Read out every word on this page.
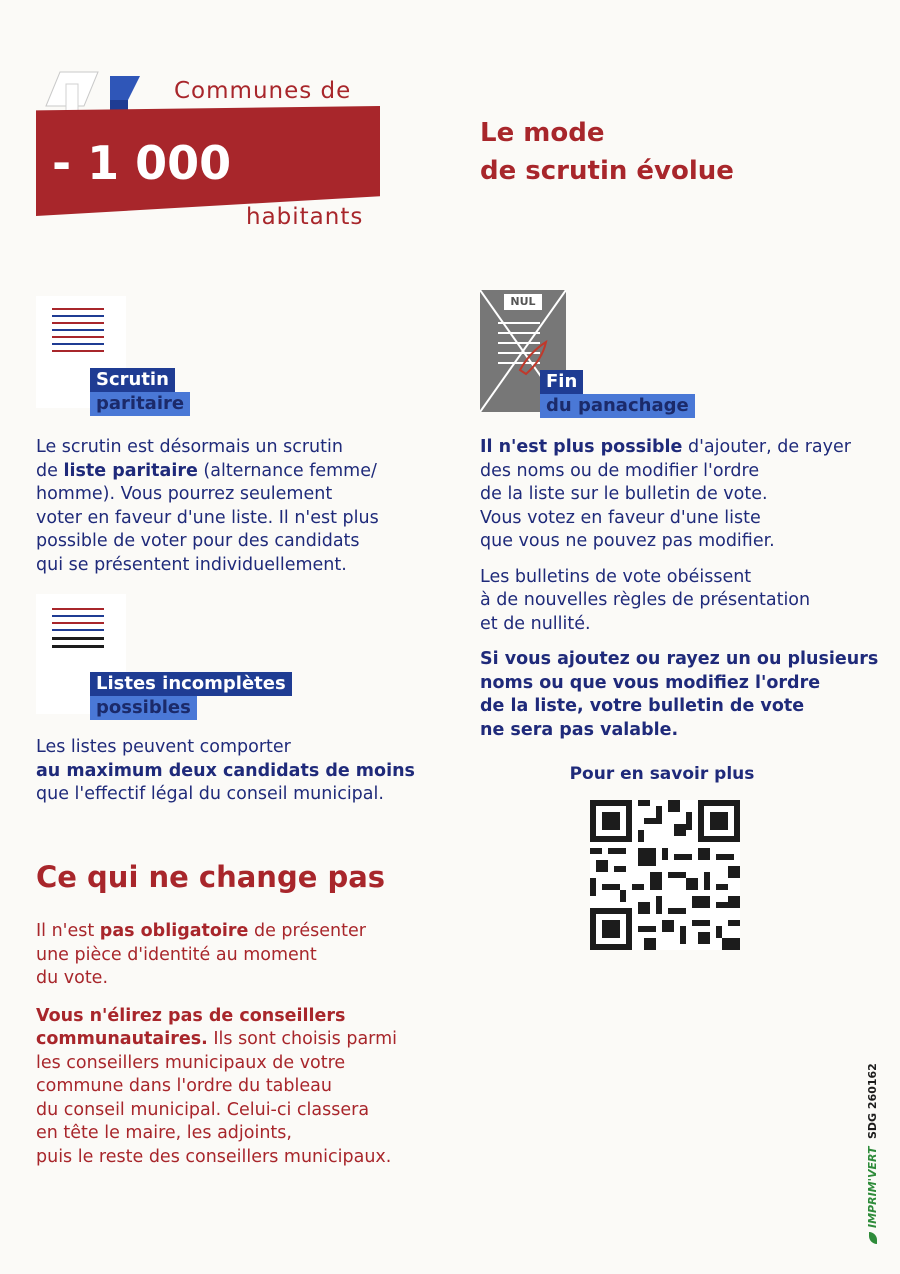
Communes de
- 1 000
habitants
Le mode
de scrutin évolue
Scrutin
paritaire

Le scrutin est désormais un scrutin

de liste paritaire (alternance femme/

homme). Vous pourrez seulement

voter en faveur d'une liste. Il n'est plus

possible de voter pour des candidats

qui se présentent individuellement.

Listes incomplètes
possibles

Les listes peuvent comporter

au maximum deux candidats de moins

que l'effectif légal du conseil municipal.

NUL
Fin
du panachage

Il n'est plus possible d'ajouter, de rayer

des noms ou de modifier l'ordre

de la liste sur le bulletin de vote.

Vous votez en faveur d'une liste

que vous ne pouvez pas modifier.

Les bulletins de vote obéissent

à de nouvelles règles de présentation

et de nullité.

Si vous ajoutez ou rayez un ou plusieurs

noms ou que vous modifiez l'ordre

de la liste, votre bulletin de vote

ne sera pas valable.

Pour en savoir plus
Ce qui ne change pas

Il n'est pas obligatoire de présenter

une pièce d'identité au moment

du vote.

Vous n'élirez pas de conseillers

communautaires. Ils sont choisis parmi

les conseillers municipaux de votre

commune dans l'ordre du tableau

du conseil municipal. Celui-ci classera

en tête le maire, les adjoints,

puis le reste des conseillers municipaux.	IMPRIM'VERT SDG 260162
